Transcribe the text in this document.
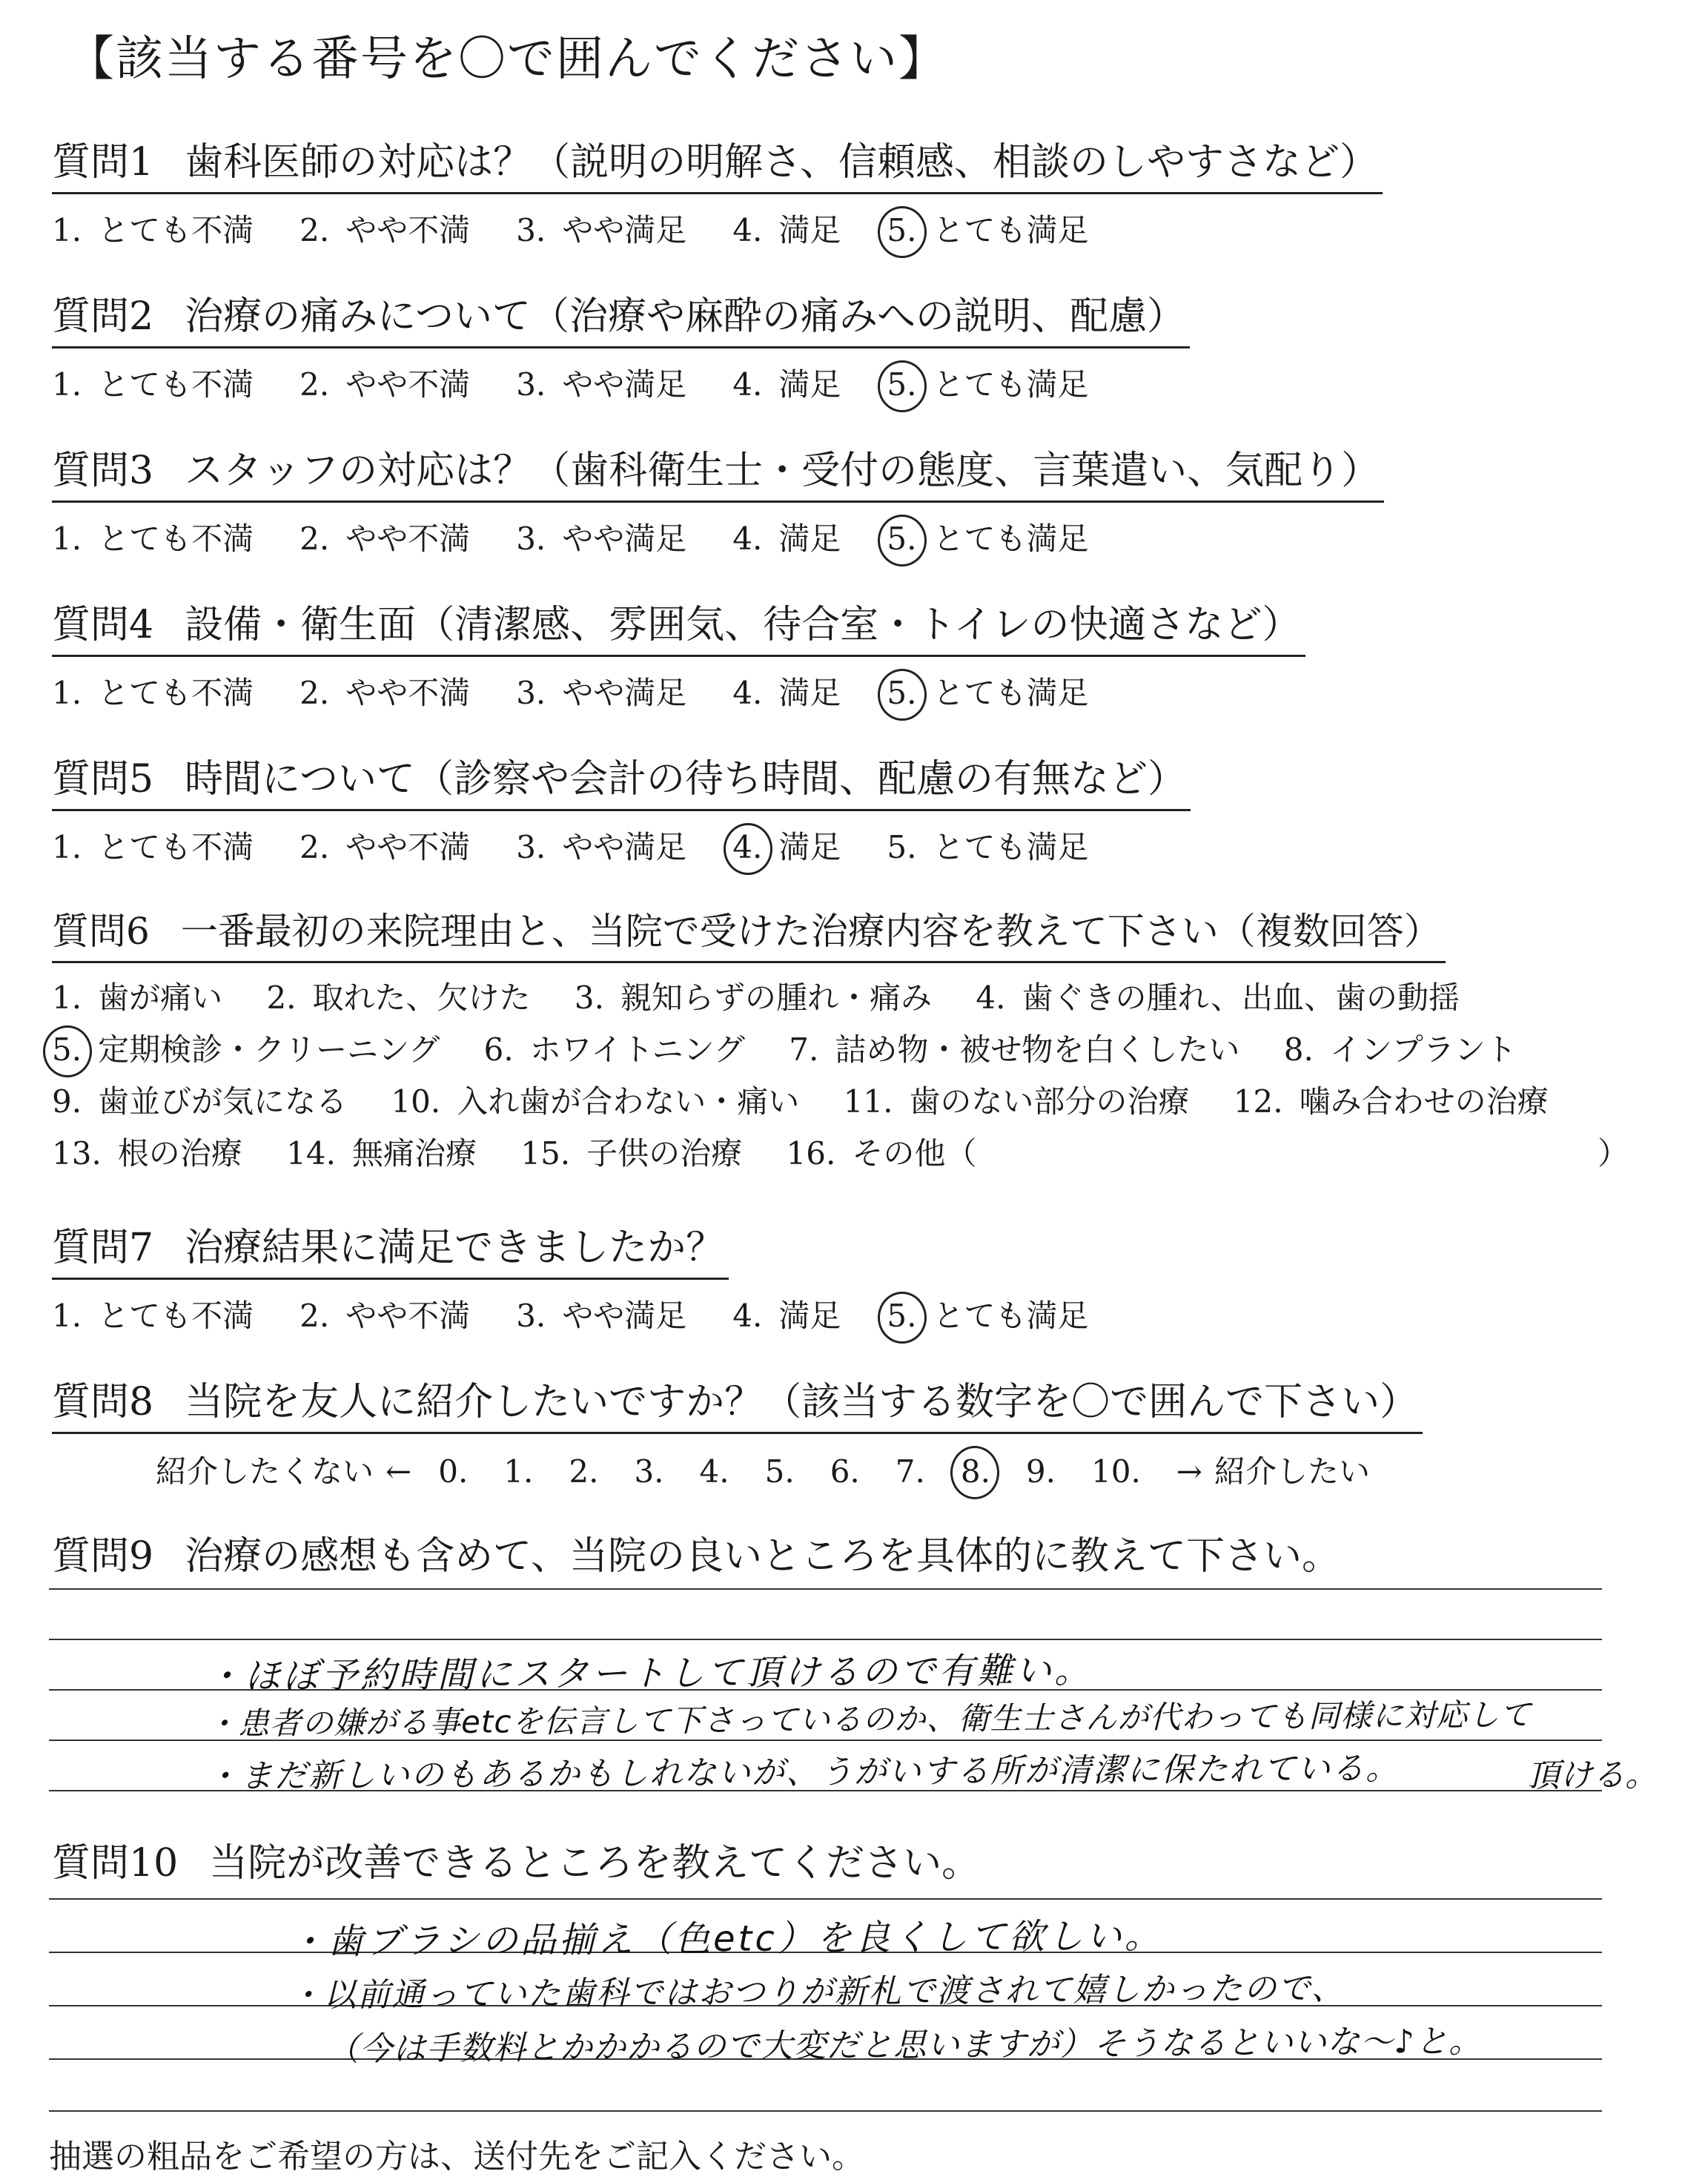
【該当する番号を〇で囲んでください】
質問1 歯科医師の対応は？（説明の明解さ、信頼感、相談のしやすさなど）
1. とても不満	2. やや不満	3. やや満足	4. 満足	5. とても満足
質問2 治療の痛みについて（治療や麻酔の痛みへの説明、配慮）
1. とても不満	2. やや不満	3. やや満足	4. 満足	5. とても満足
質問3 スタッフの対応は？（歯科衛生士・受付の態度、言葉遣い、気配り）
1. とても不満	2. やや不満	3. やや満足	4. 満足	5. とても満足
質問4 設備・衛生面（清潔感、雰囲気、待合室・トイレの快適さなど）
1. とても不満	2. やや不満	3. やや満足	4. 満足	5. とても満足
質問5 時間について（診察や会計の待ち時間、配慮の有無など）
1. とても不満	2. やや不満	3. やや満足	4. 満足	5. とても満足
質問6 一番最初の来院理由と、当院で受けた治療内容を教えて下さい（複数回答）
1. 歯が痛い 2. 取れた、欠けた 3. 親知らずの腫れ・痛み 4. 歯ぐきの腫れ、出血、歯の動揺
5. 定期検診・クリーニング 6. ホワイトニング 7. 詰め物・被せ物を白くしたい 8. インプラント
9. 歯並びが気になる 10. 入れ歯が合わない・痛い 11. 歯のない部分の治療 12. 噛み合わせの治療
13. 根の治療 14. 無痛治療 15. 子供の治療 16. その他（	）
質問7 治療結果に満足できましたか？
1. とても不満	2. やや不満	3. やや満足	4. 満足	5. とても満足
質問8 当院を友人に紹介したいですか？（該当する数字を〇で囲んで下さい）
紹介したくない ← 0. 1. 2. 3. 4. 5. 6. 7. 8. 9. 10. → 紹介したい
質問9 治療の感想も含めて、当院の良いところを具体的に教えて下さい。
・ほぼ予約時間にスタートして頂けるので有難い。
・患者の嫌がる事etcを伝言して下さっているのか、衛生士さんが代わっても同様に対応して
・まだ新しいのもあるかもしれないが、うがいする所が清潔に保たれている。	頂ける。
質問10 当院が改善できるところを教えてください。
・歯ブラシの品揃え（色etc）を良くして欲しい。
・以前通っていた歯科ではおつりが新札で渡されて嬉しかったので、
（今は手数料とかかかるので大変だと思いますが）そうなるといいな〜♪と。
抽選の粗品をご希望の方は、送付先をご記入ください。
